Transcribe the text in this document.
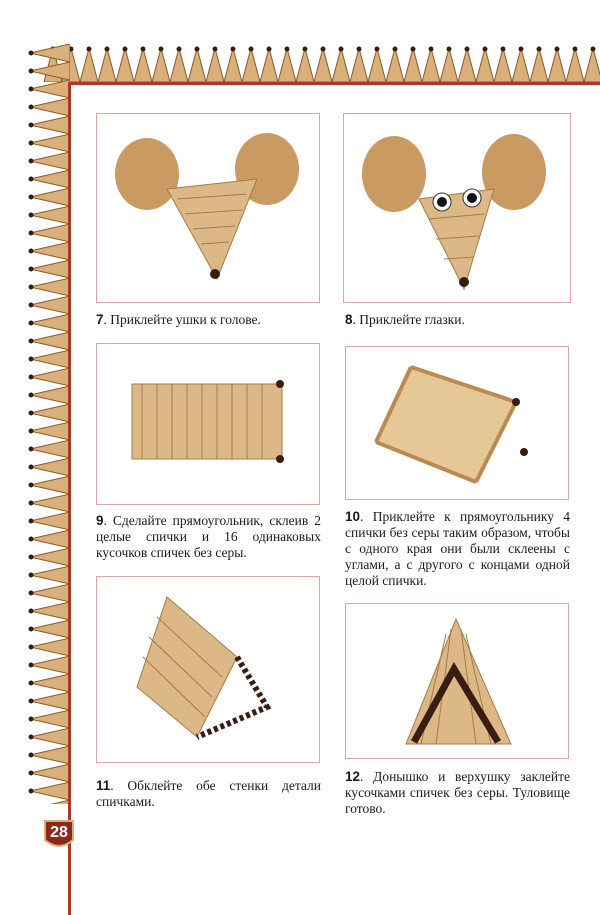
7. Приклейте ушки к голове.	8. Приклейте глазки.
9. Сделайте прямоугольник, склеив 2 целые спички и 16 одинаковых кусочков спичек без серы.
10. Приклейте к прямоугольнику 4 спички без серы таким образом, чтобы с одного края они были склеены с углами, а с другого с концами одной целой спички.
11. Обклейте обе стенки детали спичками.
12. Донышко и верхушку заклейте кусочками спичек без серы. Туловище готово.
28
